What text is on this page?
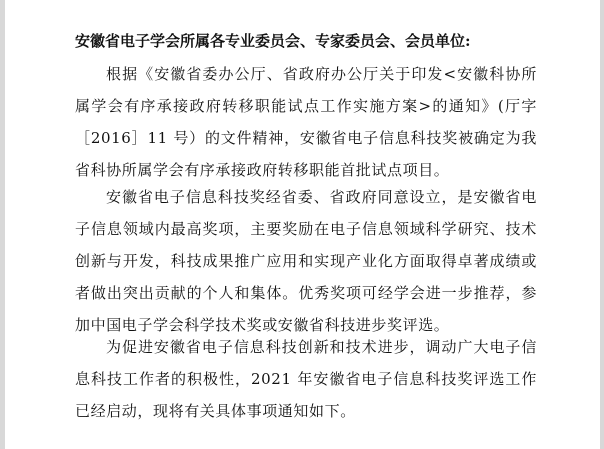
安徽省电子学会所属各专业委员会、专家委员会、会员单位:

根据《安徽省委办公厅、省政府办公厅关于印发<安徽科协所属学会有序承接政府转移职能试点工作实施方案>的通知》(厅字［2016］11 号）的文件精神，安徽省电子信息科技奖被确定为我省科协所属学会有序承接政府转移职能首批试点项目。

安徽省电子信息科技奖经省委、省政府同意设立，是安徽省电子信息领域内最高奖项，主要奖励在电子信息领域科学研究、技术创新与开发，科技成果推广应用和实现产业化方面取得卓著成绩或者做出突出贡献的个人和集体。优秀奖项可经学会进一步推荐，参加中国电子学会科学技术奖或安徽省科技进步奖评选。

为促进安徽省电子信息科技创新和技术进步，调动广大电子信息科技工作者的积极性，2021 年安徽省电子信息科技奖评选工作已经启动，现将有关具体事项通知如下。
